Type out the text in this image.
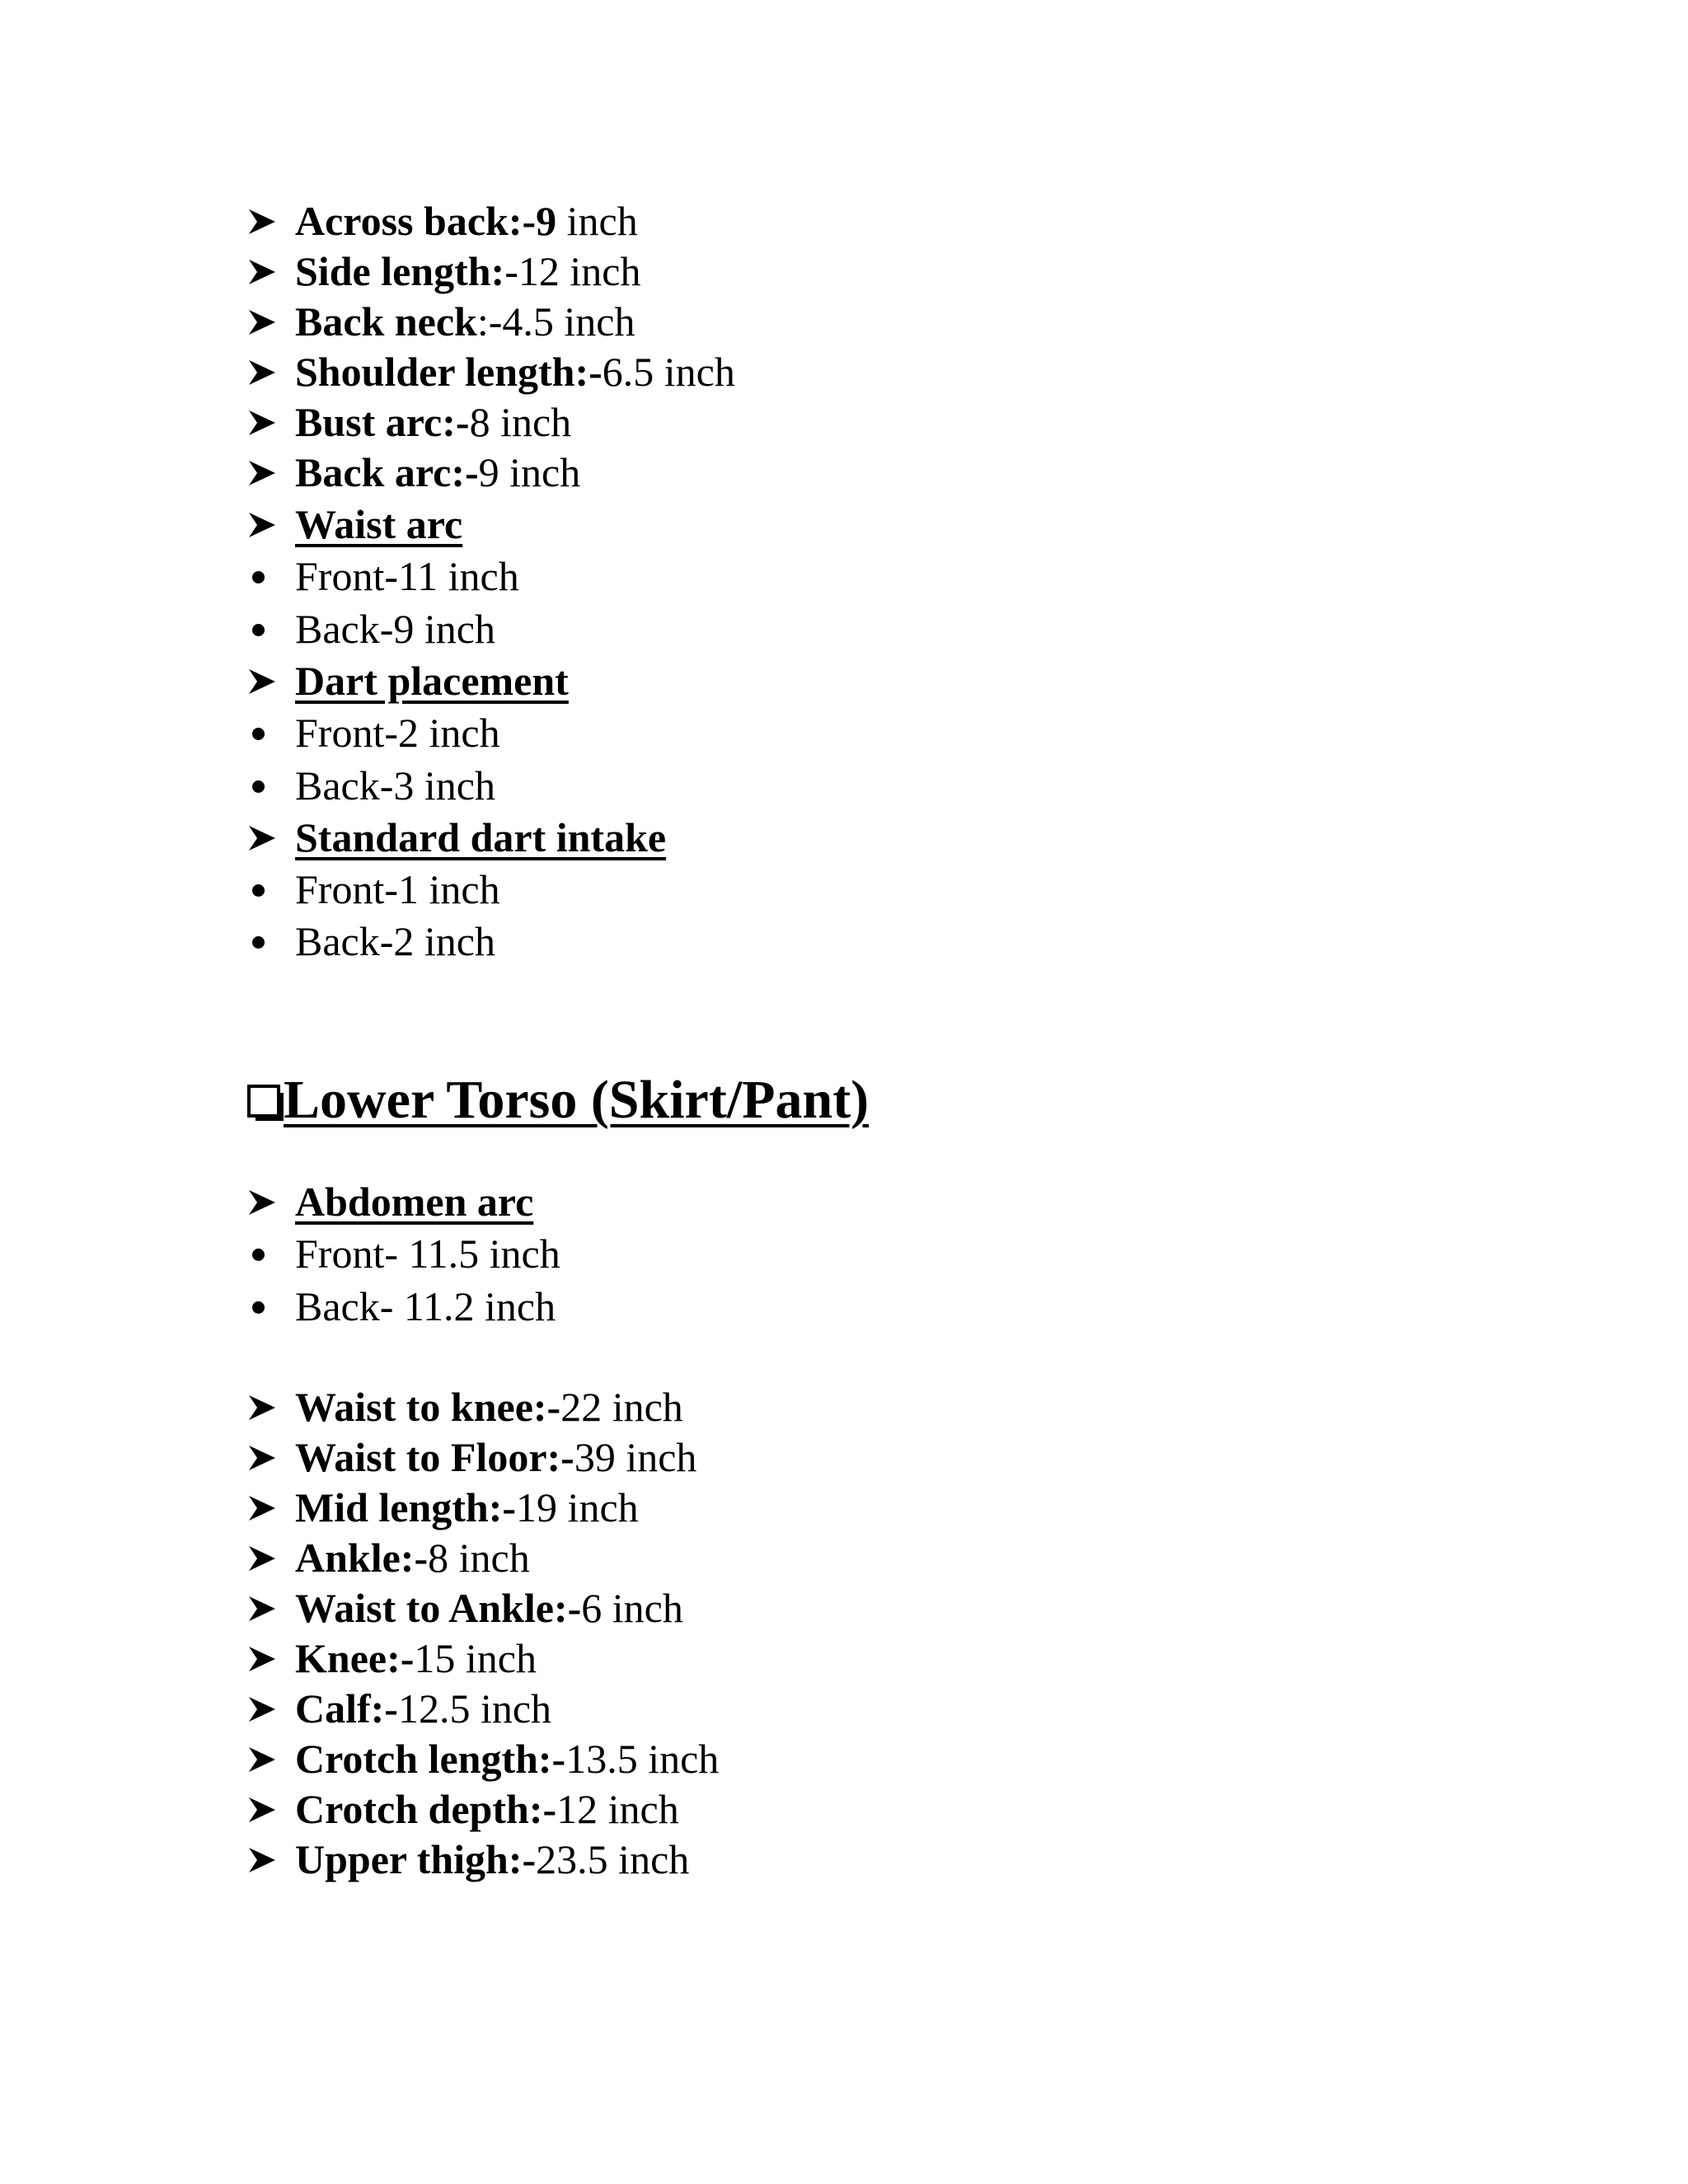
Across back:-9 inch
Side length:-12 inch
Back neck:-4.5 inch
Shoulder length:-6.5 inch
Bust arc:-8 inch
Back arc:-9 inch
Waist arc
Front-11 inch
Back-9 inch
Dart placement
Front-2 inch
Back-3 inch
Standard dart intake
Front-1 inch
Back-2 inch
Lower Torso (Skirt/Pant)
Abdomen arc
Front- 11.5 inch
Back- 11.2 inch
Waist to knee:-22 inch
Waist to Floor:-39 inch
Mid length:-19 inch
Ankle:-8 inch
Waist to Ankle:-6 inch
Knee:-15 inch
Calf:-12.5 inch
Crotch length:-13.5 inch
Crotch depth:-12 inch
Upper thigh:-23.5 inch
